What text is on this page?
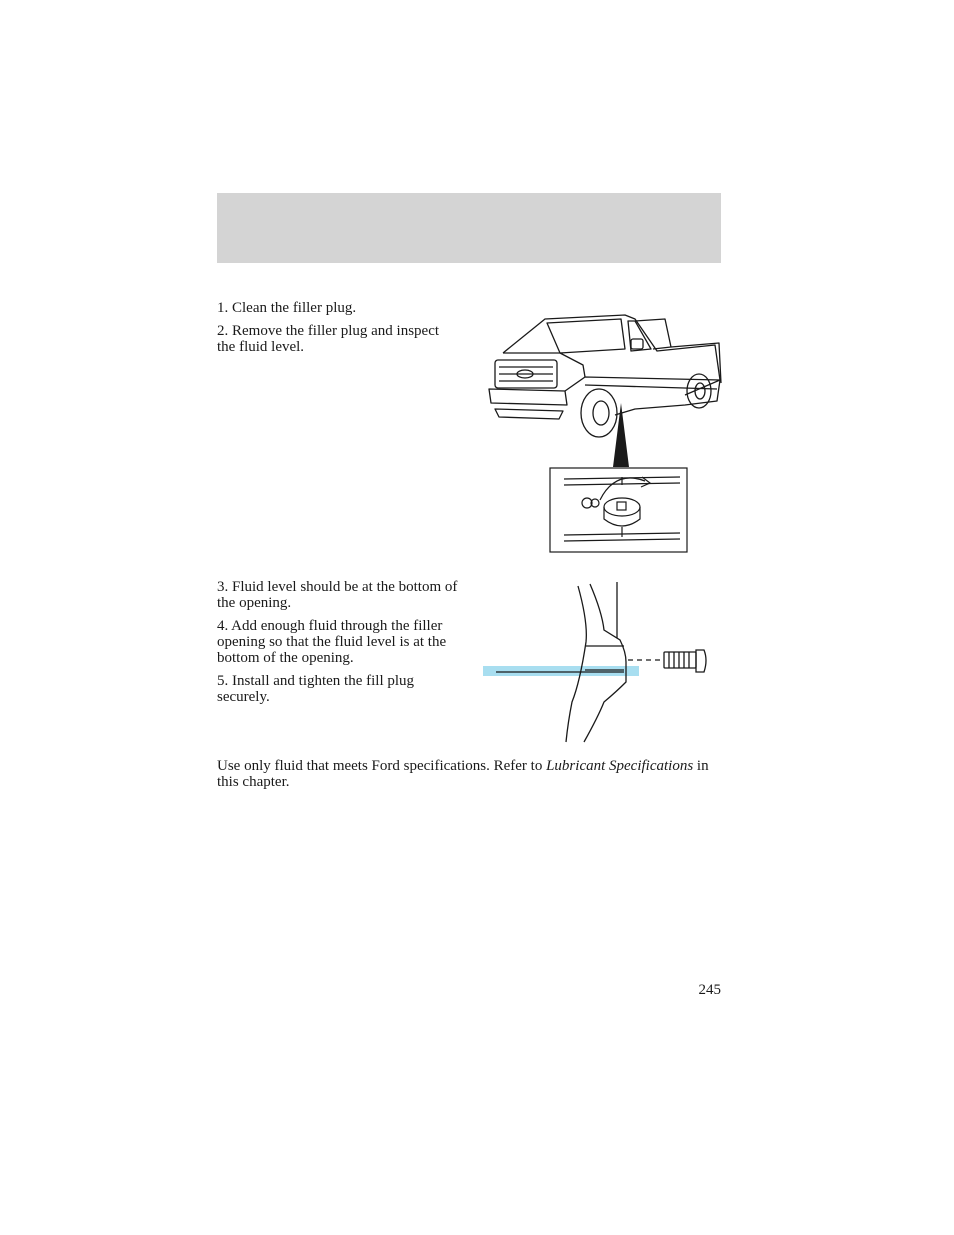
1. Clean the filler plug.

2. Remove the filler plug and inspect the fluid level.

3. Fluid level should be at the bottom of the opening.

4. Add enough fluid through the filler opening so that the fluid level is at the bottom of the opening.

5. Install and tighten the fill plug securely.

Use only fluid that meets Ford specifications. Refer to Lubricant Specifications in this chapter.

245
